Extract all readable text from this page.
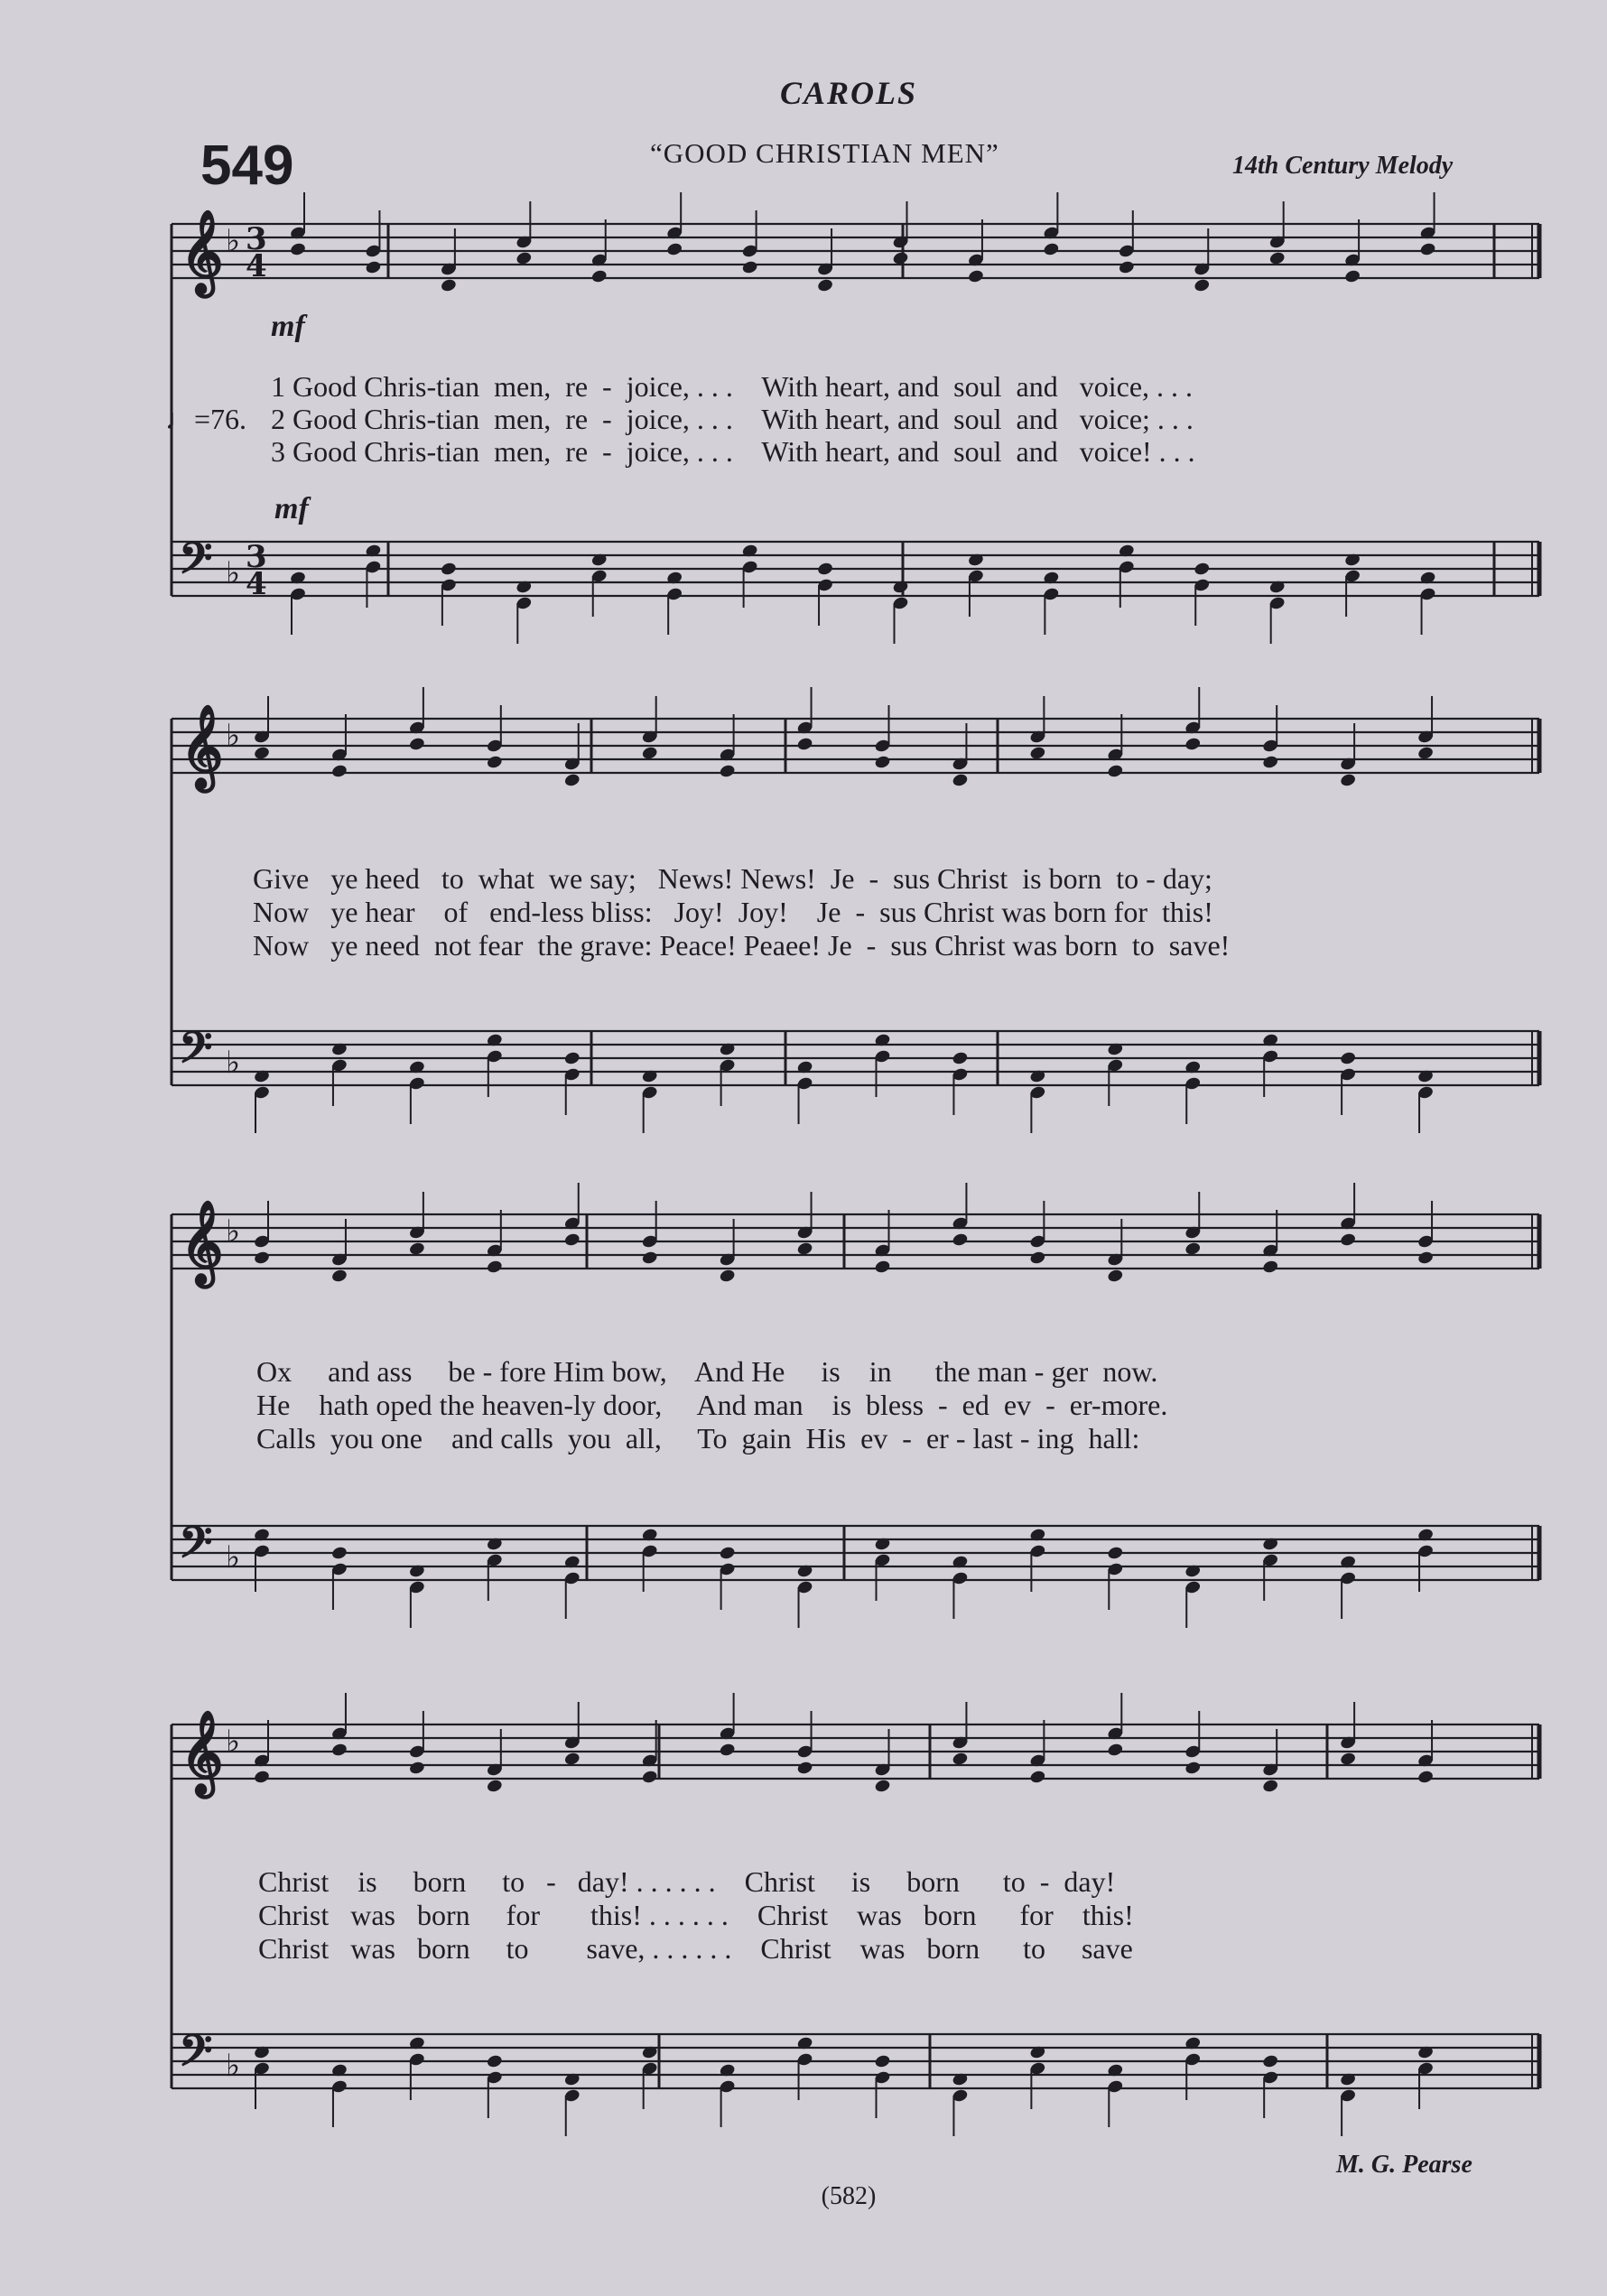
CAROLS
549	“GOOD CHRISTIAN MEN”	14th Century Melody
mf
mf
♩=76.
𝄞 ♭ 3
4
𝄢 ♭ 3
4
𝄞 ♭
𝄢 ♭
𝄞 ♭
𝄢 ♭
𝄞 ♭
𝄢 ♭
1 Good Chris-tian  men,  re  -  joice, . . .    With heart, and  soul  and   voice, . . .
2 Good Chris-tian  men,  re  -  joice, . . .    With heart, and  soul  and   voice; . . .
3 Good Chris-tian  men,  re  -  joice, . . .    With heart, and  soul  and   voice! . . .
Give   ye heed   to  what  we say;   News! News!  Je  -  sus Christ  is born  to - day;
Now   ye hear    of   end-less bliss:   Joy!  Joy!    Je  -  sus Christ was born for  this!
Now   ye need  not fear  the grave: Peace! Peaee! Je  -  sus Christ was born  to  save!
Ox     and ass     be - fore Him bow,    And He     is    in      the man - ger  now.
He    hath oped the heaven-ly door,     And man    is  bless  -  ed  ev  -  er-more.
Calls  you one    and calls  you  all,     To  gain  His  ev  -  er - last - ing  hall:
Christ    is     born     to   -   day! . . . . . .    Christ     is     born      to  -  day!
Christ   was   born     for       this! . . . . . .    Christ    was   born      for    this!
Christ   was   born     to        save, . . . . . .    Christ    was   born      to     save
M. G. Pearse
(582)
